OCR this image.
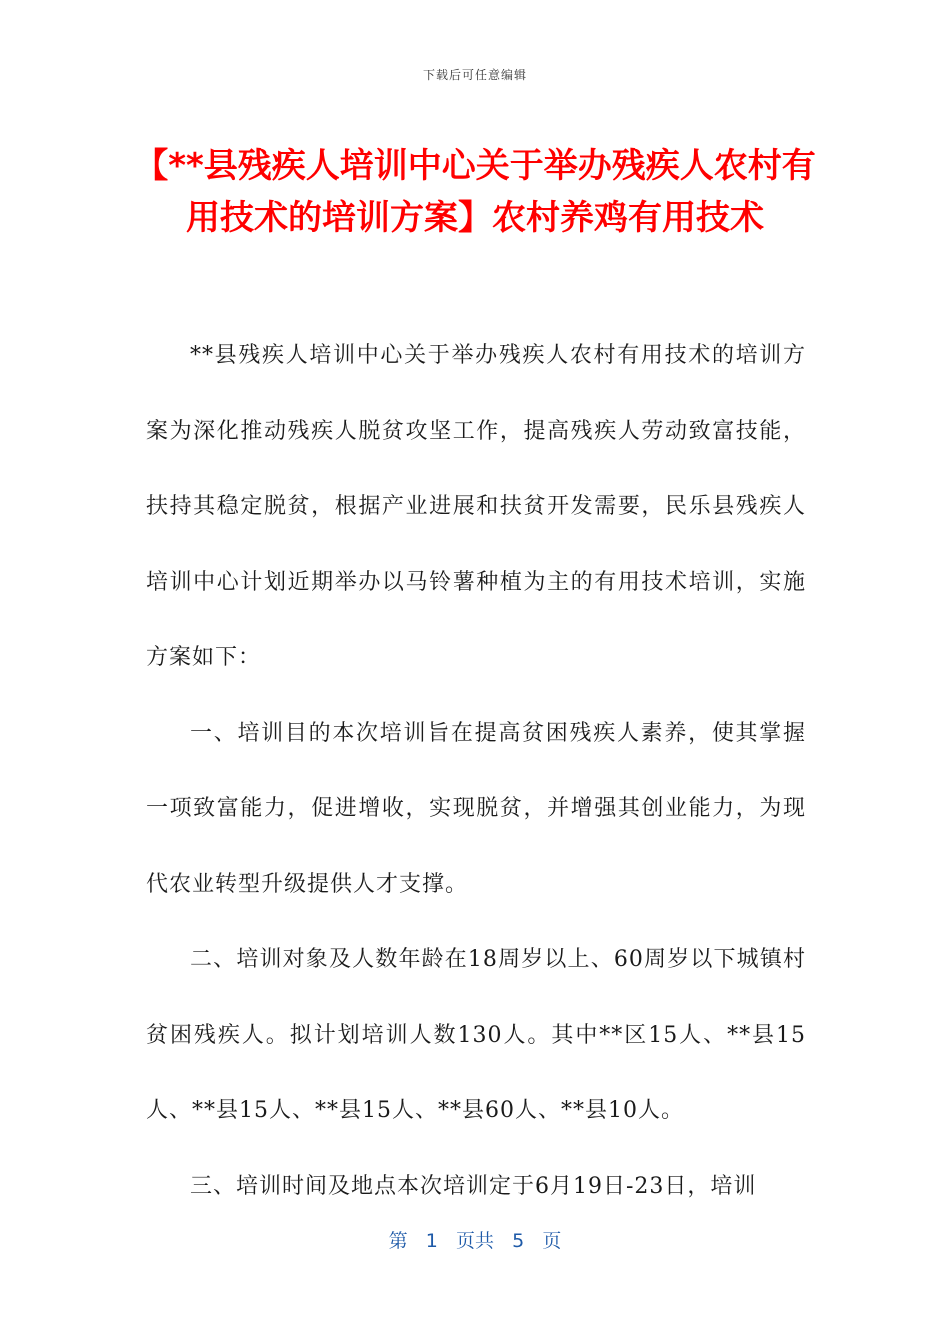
下载后可任意编辑
【**县残疾人培训中心关于举办残疾人农村有用技术的培训方案】农村养鸡有用技术

**县残疾人培训中心关于举办残疾人农村有用技术的培训方案为深化推动残疾人脱贫攻坚工作，提高残疾人劳动致富技能，扶持其稳定脱贫，根据产业进展和扶贫开发需要，民乐县残疾人培训中心计划近期举办以马铃薯种植为主的有用技术培训，实施方案如下：

一、培训目的本次培训旨在提高贫困残疾人素养，使其掌握一项致富能力，促进增收，实现脱贫，并增强其创业能力，为现代农业转型升级提供人才支撑。

二、培训对象及人数年龄在18周岁以上、60周岁以下城镇村贫困残疾人。拟计划培训人数130人。其中**区15人、**县15人、**县15人、**县15人、**县60人、**县10人。

三、培训时间及地点本次培训定于6月19日-23日，培训

第 1 页共 5 页
